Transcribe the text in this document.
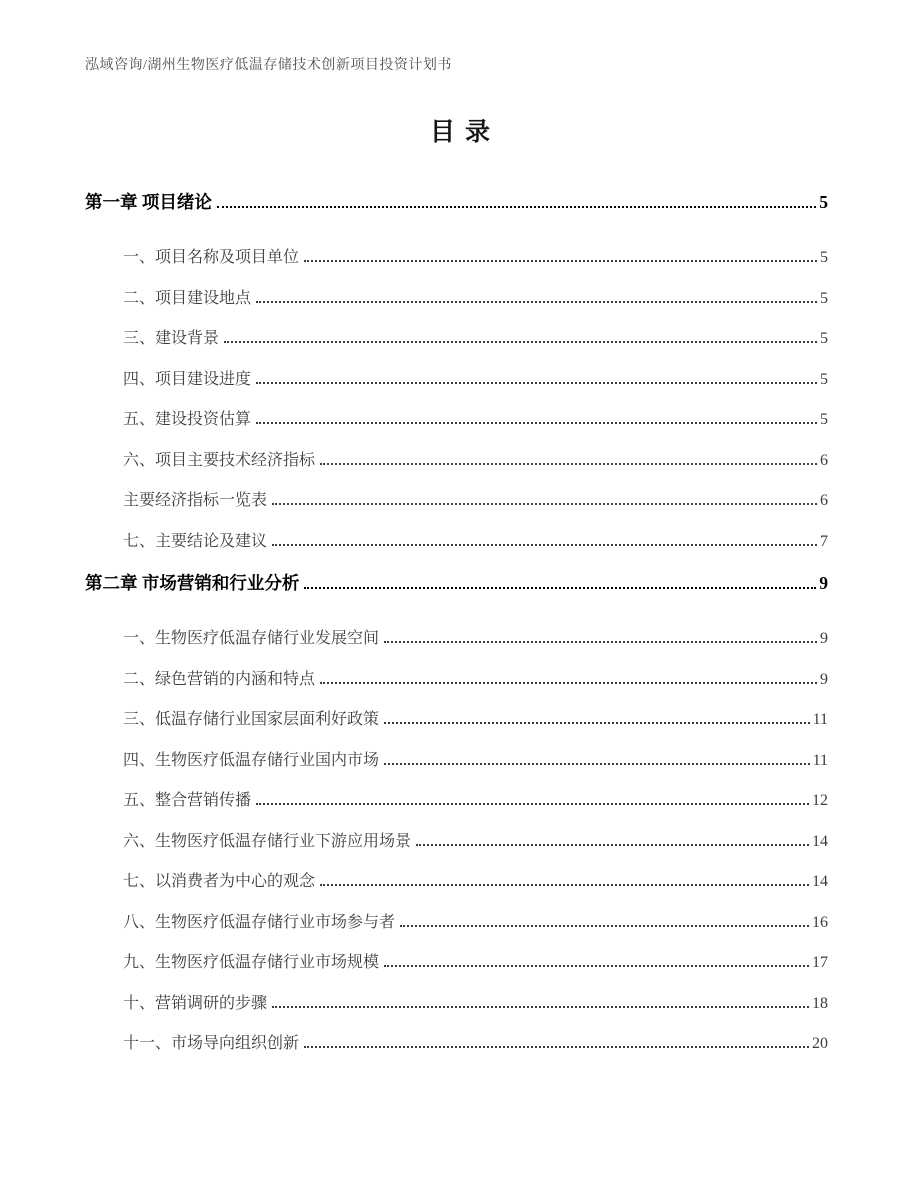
泓域咨询/湖州生物医疗低温存储技术创新项目投资计划书
目录
第一章 项目绪论	5
一、项目名称及项目单位	5
二、项目建设地点	5
三、建设背景	5
四、项目建设进度	5
五、建设投资估算	5
六、项目主要技术经济指标	6
主要经济指标一览表	6
七、主要结论及建议	7
第二章 市场营销和行业分析	9
一、生物医疗低温存储行业发展空间	9
二、绿色营销的内涵和特点	9
三、低温存储行业国家层面利好政策	11
四、生物医疗低温存储行业国内市场	11
五、整合营销传播	12
六、生物医疗低温存储行业下游应用场景	14
七、以消费者为中心的观念	14
八、生物医疗低温存储行业市场参与者	16
九、生物医疗低温存储行业市场规模	17
十、营销调研的步骤	18
十一、市场导向组织创新	20
